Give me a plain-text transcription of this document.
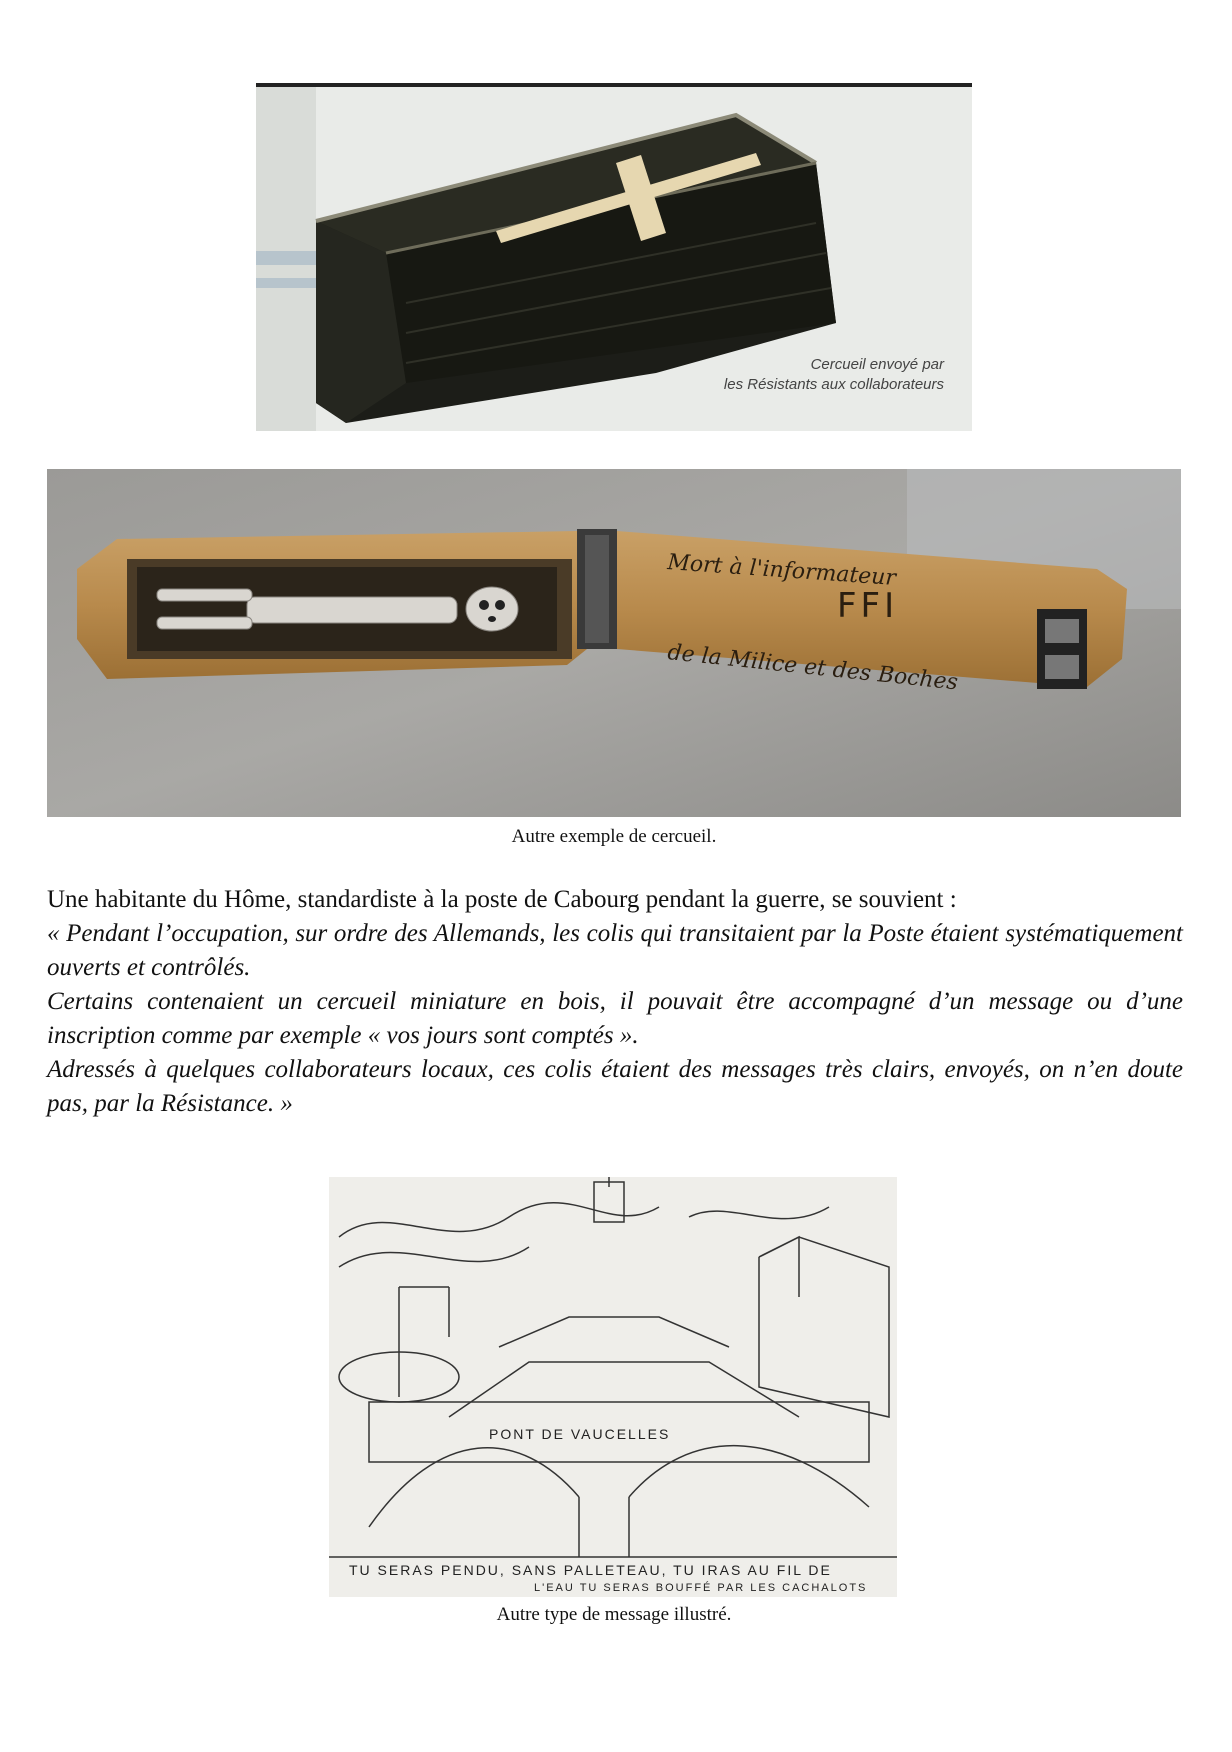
Cercueil envoyé par
les Résistants aux collaborateurs
Mort à l'informateur
FFI
de la Milice et des Boches
Autre exemple de cercueil.
Une habitante du Hôme, standardiste à la poste de Cabourg pendant la guerre, se souvient :
« Pendant l’occupation, sur ordre des Allemands, les colis qui transitaient par la Poste étaient systématiquement ouverts et contrôlés.
Certains contenaient un cercueil miniature en bois, il pouvait être accompagné d’un message ou d’une inscription comme par exemple « vos jours sont comptés ».
Adressés à quelques collaborateurs locaux, ces colis étaient des messages très clairs, envoyés, on n’en doute pas, par la Résistance. »
PONT DE VAUCELLES
TU SERAS PENDU, SANS PALLETEAU, TU IRAS AU FIL DE
L'EAU TU SERAS BOUFFÉ PAR LES CACHALOTS
Autre type de message illustré.
